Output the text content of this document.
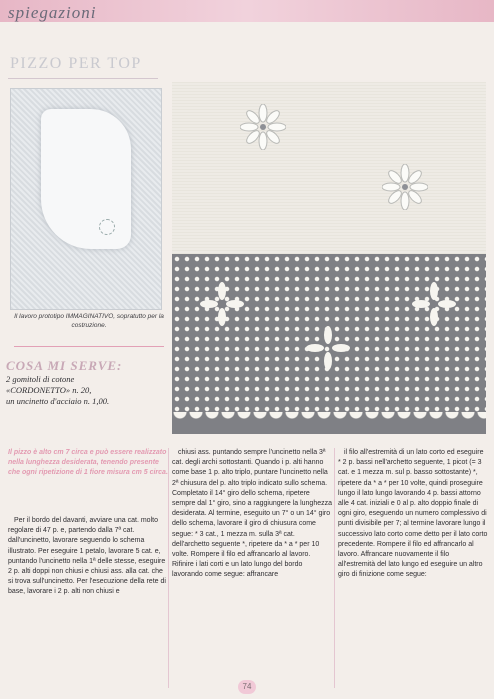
spiegazioni
PIZZO PER TOP
Il lavoro prototipo IMMAGINATIVO, sopratutto per la costruzione.
COSA MI SERVE:
2 gomitoli di cotone
«CORDONETTO» n. 20,
un uncinetto d'acciaio n. 1,00.
Il pizzo è alto cm 7 circa e può essere realizzato nella lunghezza desiderata, tenendo presente che ogni ripetizione di 1 fiore misura cm 5 circa.

Per il bordo del davanti, avviare una cat. molto regolare di 47 p. e, partendo dalla 7ª cat. dall'uncinetto, lavorare seguendo lo schema illustrato. Per eseguire 1 petalo, lavorare 5 cat. e, puntando l'uncinetto nella 1ª delle stesse, eseguire 2 p. alti doppi non chiusi e chiusi ass. alla cat. che si trova sull'uncinetto. Per l'esecuzione della rete di base, lavorare i 2 p. alti non chiusi e

chiusi ass. puntando sempre l'uncinetto nella 3ª cat. degli archi sottostanti. Quando i p. alti hanno come base 1 p. alto triplo, puntare l'uncinetto nella 2ª chiusura del p. alto triplo indicato sullo schema. Completato il 14° giro dello schema, ripetere sempre dal 1° giro, sino a raggiungere la lunghezza desiderata. Al termine, eseguito un 7° o un 14° giro dello schema, lavorare il giro di chiusura come segue: * 3 cat., 1 mezza m. sulla 3ª cat. dell'archetto seguente *, ripetere da * a * per 10 volte. Rompere il filo ed affrancarlo al lavoro. Rifinire i lati corti e un lato lungo del bordo lavorando come segue: affrancare

il filo all'estremità di un lato corto ed eseguire * 2 p. bassi nell'archetto seguente, 1 picot (= 3 cat. e 1 mezza m. sul p. basso sottostante) *, ripetere da * a * per 10 volte, quindi proseguire lungo il lato lungo lavorando 4 p. bassi attorno alle 4 cat. iniziali e 0 al p. alto doppio finale di ogni giro, eseguendo un numero complessivo di punti divisibile per 7; al termine lavorare lungo il successivo lato corto come detto per il lato corto precedente. Rompere il filo ed affrancarlo al lavoro. Affrancare nuovamente il filo all'estremità del lato lungo ed eseguire un altro giro di finizione come segue:

74
